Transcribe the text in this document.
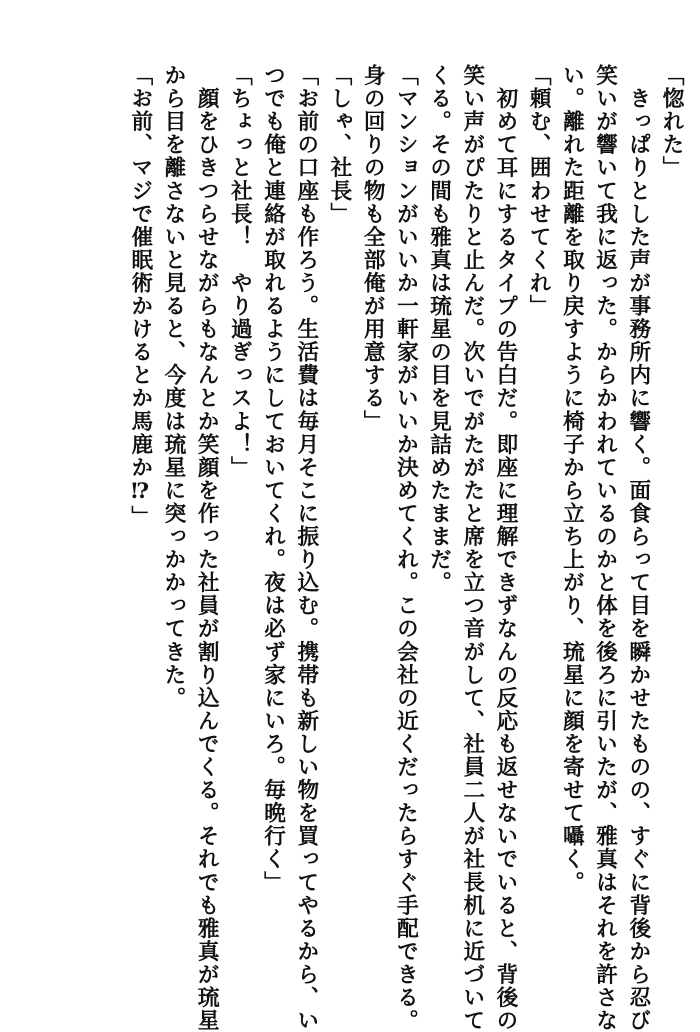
「惚れた」
　きっぱりとした声が事務所内に響く。面食らって目を瞬かせたものの、すぐに背後から忍び
笑いが響いて我に返った。からかわれているのかと体を後ろに引いたが、雅真はそれを許さな
い。離れた距離を取り戻すように椅子から立ち上がり、琉星に顔を寄せて囁く。
「頼む、囲わせてくれ」
　初めて耳にするタイプの告白だ。即座に理解できずなんの反応も返せないでいると、背後の
笑い声がぴたりと止んだ。次いでがたがたと席を立つ音がして、社員二人が社長机に近づいて
くる。その間も雅真は琉星の目を見詰めたままだ。
「マンションがいいか一軒家がいいか決めてくれ。この会社の近くだったらすぐ手配できる。
身の回りの物も全部俺が用意する」
「しゃ、社長」
「お前の口座も作ろう。生活費は毎月そこに振り込む。携帯も新しい物を買ってやるから、い
つでも俺と連絡が取れるようにしておいてくれ。夜は必ず家にいろ。毎晩行く」
「ちょっと社長！　やり過ぎっスよ！」
　顔をひきつらせながらもなんとか笑顔を作った社員が割り込んでくる。それでも雅真が琉星
から目を離さないと見ると、今度は琉星に突っかかってきた。
「お前、マジで催眠術かけるとか馬鹿か⁉」
